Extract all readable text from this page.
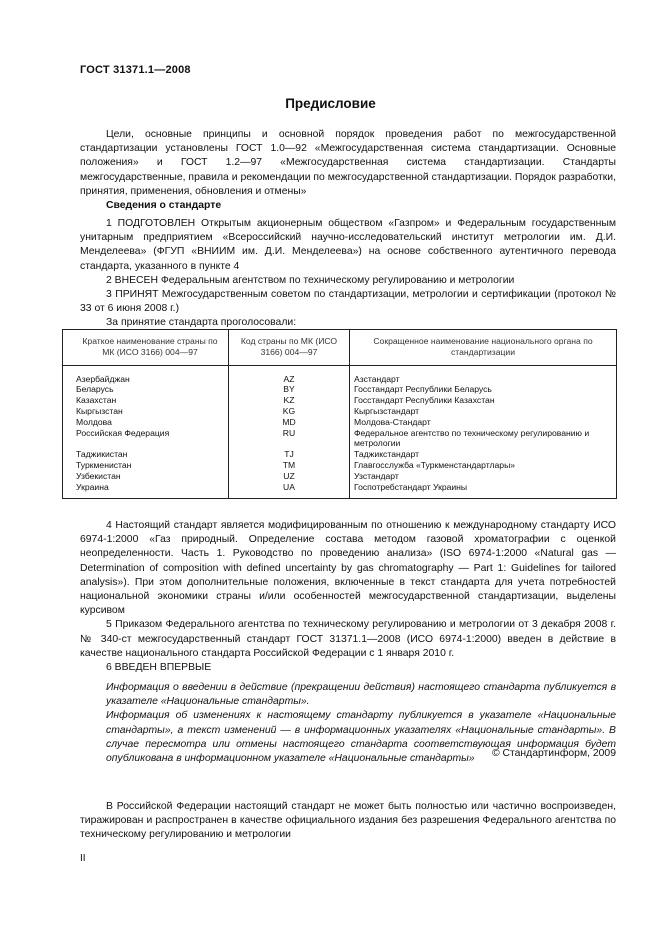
ГОСТ 31371.1—2008
Предисловие

Цели, основные принципы и основной порядок проведения работ по межгосударственной стандартизации установлены ГОСТ 1.0—92 «Межгосударственная система стандартизации. Основные положения» и ГОСТ 1.2—97 «Межгосударственная система стандартизации. Стандарты межгосударственные, правила и рекомендации по межгосударственной стандартизации. Порядок разработки, принятия, применения, обновления и отмены»

Сведения о стандарте

1 ПОДГОТОВЛЕН Открытым акционерным обществом «Газпром» и Федеральным государственным унитарным предприятием «Всероссийский научно-исследовательский институт метрологии им. Д.И. Менделеева» (ФГУП «ВНИИМ им. Д.И. Менделеева») на основе собственного аутентичного перевода стандарта, указанного в пункте 4

2 ВНЕСЕН Федеральным агентством по техническому регулированию и метрологии

3 ПРИНЯТ Межгосударственным советом по стандартизации, метрологии и сертификации (протокол № 33 от 6 июня 2008 г.)

За принятие стандарта проголосовали:

Краткое наименование страны по МК (ИСО 3166) 004—97	Код страны по МК (ИСО 3166) 004—97	Сокращенное наименование национального органа по стандартизации
Азербайджан	AZ	Азстандарт
Беларусь	BY	Госстандарт Республики Беларусь
Казахстан	KZ	Госстандарт Республики Казахстан
Кыргызстан	KG	Кыргызстандарт
Молдова	MD	Молдова-Стандарт
Российская Федерация	RU	Федеральное агентство по техническому регулированию и метрологии
Таджикистан	TJ	Таджикстандарт
Туркменистан	TM	Главгосслужба «Туркменстандартлары»
Узбекистан	UZ	Узстандарт
Украина	UA	Госпотребстандарт Украины

4 Настоящий стандарт является модифицированным по отношению к международному стандарту ИСО 6974-1:2000 «Газ природный. Определение состава методом газовой хроматографии с оценкой неопределенности. Часть 1. Руководство по проведению анализа» (ISO 6974-1:2000 «Natural gas — Determination of composition with defined uncertainty by gas chromatography — Part 1: Guidelines for tailored analysis»). При этом дополнительные положения, включенные в текст стандарта для учета потребностей национальной экономики страны и/или особенностей межгосударственной стандартизации, выделены курсивом

5 Приказом Федерального агентства по техническому регулированию и метрологии от 3 декабря 2008 г. № 340-ст межгосударственный стандарт ГОСТ 31371.1—2008 (ИСО 6974-1:2000) введен в действие в качестве национального стандарта Российской Федерации с 1 января 2010 г.

6 ВВЕДЕН ВПЕРВЫЕ

Информация о введении в действие (прекращении действия) настоящего стандарта публикуется в указателе «Национальные стандарты».

Информация об изменениях к настоящему стандарту публикуется в указателе «Национальные стандарты», а текст изменений — в информационных указателях «Национальные стандарты». В случае пересмотра или отмены настоящего стандарта соответствующая информация будет опубликована в информационном указателе «Национальные стандарты»	© Стандартинформ, 2009

В Российской Федерации настоящий стандарт не может быть полностью или частично воспроизведен, тиражирован и распространен в качестве официального издания без разрешения Федерального агентства по техническому регулированию и метрологии

II
